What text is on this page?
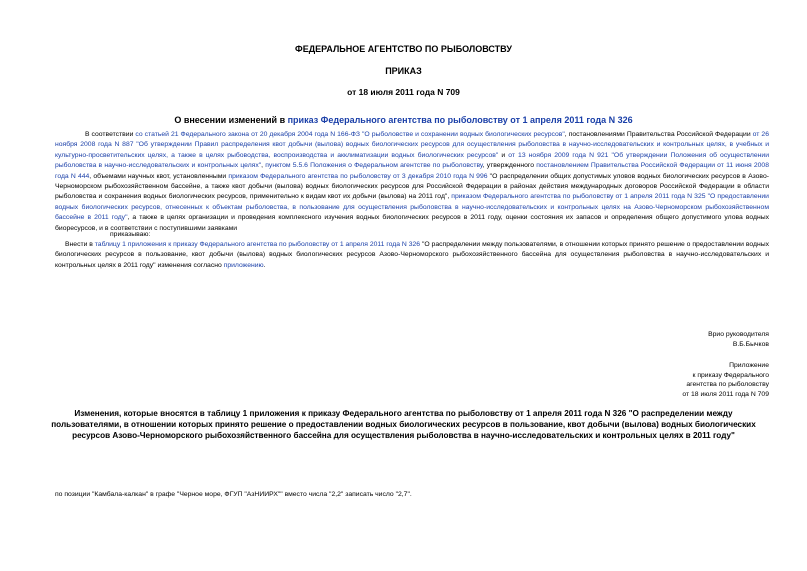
ФЕДЕРАЛЬНОЕ АГЕНТСТВО ПО РЫБОЛОВСТВУ
ПРИКАЗ
от 18 июля 2011 года N 709
О внесении изменений в приказ Федерального агентства по рыболовству от 1 апреля 2011 года N 326
В соответствии со статьей 21 Федерального закона от 20 декабря 2004 года N 166-ФЗ "О рыболовстве и сохранении водных биологических ресурсов", постановлениями Правительства Российской Федерации от 26 ноября 2008 года N 887 "Об утверждении Правил распределения квот добычи (вылова) водных биологических ресурсов для осуществления рыболовства в научно-исследовательских и контрольных целях, в учебных и культурно-просветительских целях, а также в целях рыбоводства, воспроизводства и акклиматизации водных биологических ресурсов" и от 13 ноября 2009 года N 921 "Об утверждении Положения об осуществлении рыболовства в научно-исследовательских и контрольных целях", пунктом 5.5.6 Положения о Федеральном агентстве по рыболовству, утвержденного постановлением Правительства Российской Федерации от 11 июня 2008 года N 444, объемами научных квот, установленными приказом Федерального агентства по рыболовству от 3 декабря 2010 года N 996 "О распределении общих допустимых уловов водных биологических ресурсов в Азово-Черноморском рыбохозяйственном бассейне, а также квот добычи (вылова) водных биологических ресурсов для Российской Федерации в районах действия международных договоров Российской Федерации в области рыболовства и сохранения водных биологических ресурсов, применительно к видам квот их добычи (вылова) на 2011 год", приказом Федерального агентства по рыболовству от 1 апреля 2011 года N 325 "О предоставлении водных биологических ресурсов, отнесенных к объектам рыболовства, в пользование для осуществления рыболовства в научно-исследовательских и контрольных целях на Азово-Черноморском рыбохозяйственном бассейне в 2011 году", а также в целях организации и проведения комплексного изучения водных биологических ресурсов в 2011 году, оценки состояния их запасов и определения общего допустимого улова водных биоресурсов, и в соответствии с поступившими заявками
приказываю:
Внести в таблицу 1 приложения к приказу Федерального агентства по рыболовству от 1 апреля 2011 года N 326 "О распределении между пользователями, в отношении которых принято решение о предоставлении водных биологических ресурсов в пользование, квот добычи (вылова) водных биологических ресурсов Азово-Черноморского рыбохозяйственного бассейна для осуществления рыболовства в научно-исследовательских и контрольных целях в 2011 году" изменения согласно приложению.
Врио руководителя
В.Б.Бычков
Приложение
к приказу Федерального
агентства по рыболовству
от 18 июля 2011 года N 709
Изменения, которые вносятся в таблицу 1 приложения к приказу Федерального агентства по рыболовству от 1 апреля 2011 года N 326 "О распределении между пользователями, в отношении которых принято решение о предоставлении водных биологических ресурсов в пользование, квот добычи (вылова) водных биологических ресурсов Азово-Черноморского рыбохозяйственного бассейна для осуществления рыболовства в научно-исследовательских и контрольных целях в 2011 году"
по позиции "Камбала-калкан" в графе "Черное море, ФГУП "АзНИИРХ"" вместо числа "2,2" записать число "2,7".
